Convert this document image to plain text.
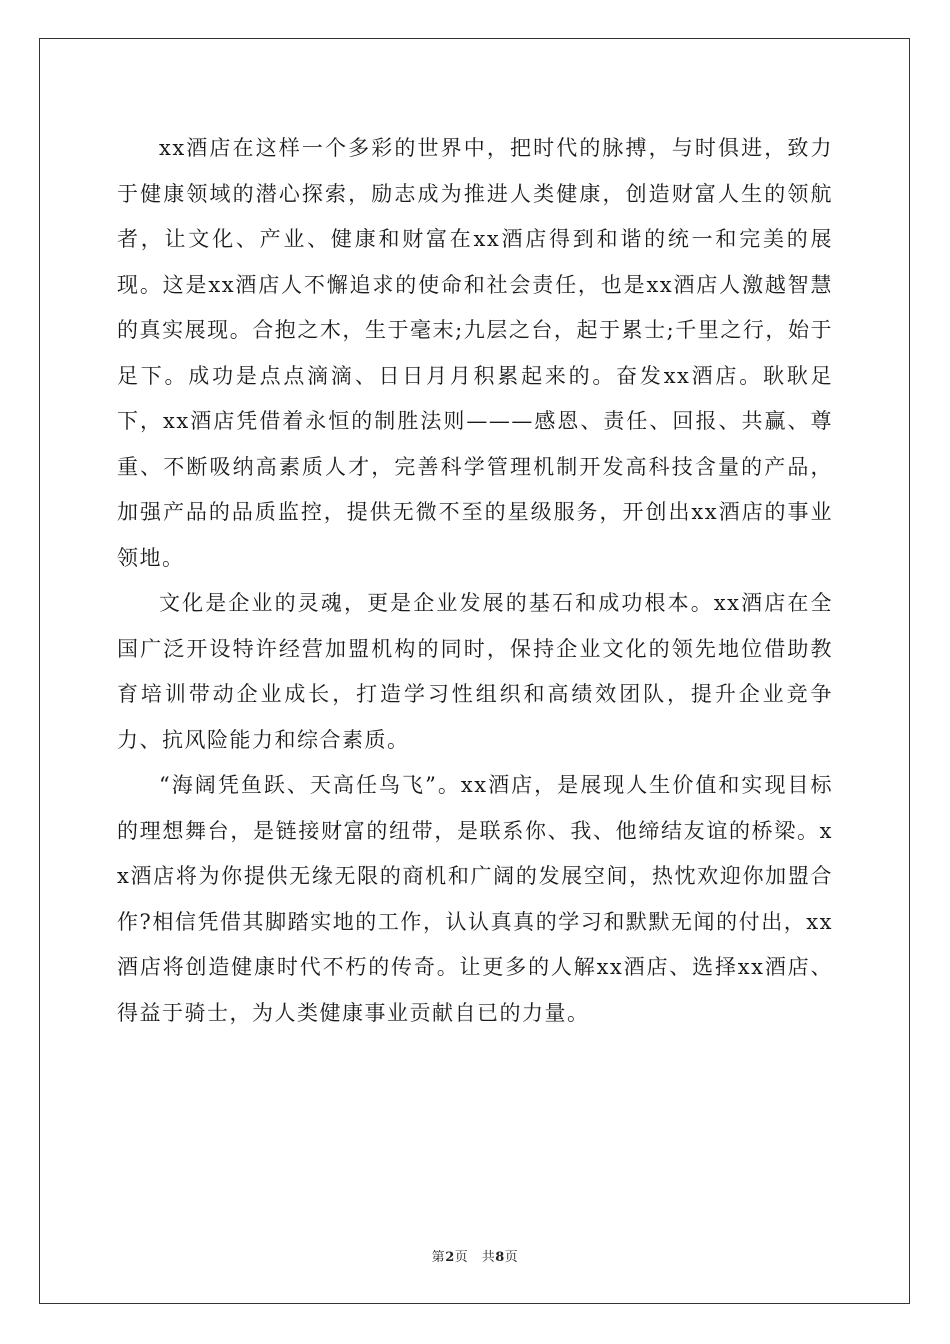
xx酒店在这样一个多彩的世界中，把时代的脉搏，与时俱进，致力于健康领域的潜心探索，励志成为推进人类健康，创造财富人生的领航者，让文化、产业、健康和财富在xx酒店得到和谐的统一和完美的展现。这是xx酒店人不懈追求的使命和社会责任，也是xx酒店人激越智慧的真实展现。合抱之木，生于毫末;九层之台，起于累士;千里之行，始于足下。成功是点点滴滴、日日月月积累起来的。奋发xx酒店。耿耿足下，xx酒店凭借着永恒的制胜法则———感恩、责任、回报、共赢、尊重、不断吸纳高素质人才，完善科学管理机制开发高科技含量的产品，加强产品的品质监控，提供无微不至的星级服务，开创出xx酒店的事业领地。

文化是企业的灵魂，更是企业发展的基石和成功根本。xx酒店在全国广泛开设特许经营加盟机构的同时，保持企业文化的领先地位借助教育培训带动企业成长，打造学习性组织和高绩效团队，提升企业竞争力、抗风险能力和综合素质。

“海阔凭鱼跃、天高任鸟飞”。xx酒店，是展现人生价值和实现目标的理想舞台，是链接财富的纽带，是联系你、我、他缔结友谊的桥梁。xx酒店将为你提供无缘无限的商机和广阔的发展空间，热忱欢迎你加盟合作?相信凭借其脚踏实地的工作，认认真真的学习和默默无闻的付出，xx酒店将创造健康时代不朽的传奇。让更多的人解xx酒店、选择xx酒店、得益于骑士，为人类健康事业贡献自已的力量。

第2页　共8页
